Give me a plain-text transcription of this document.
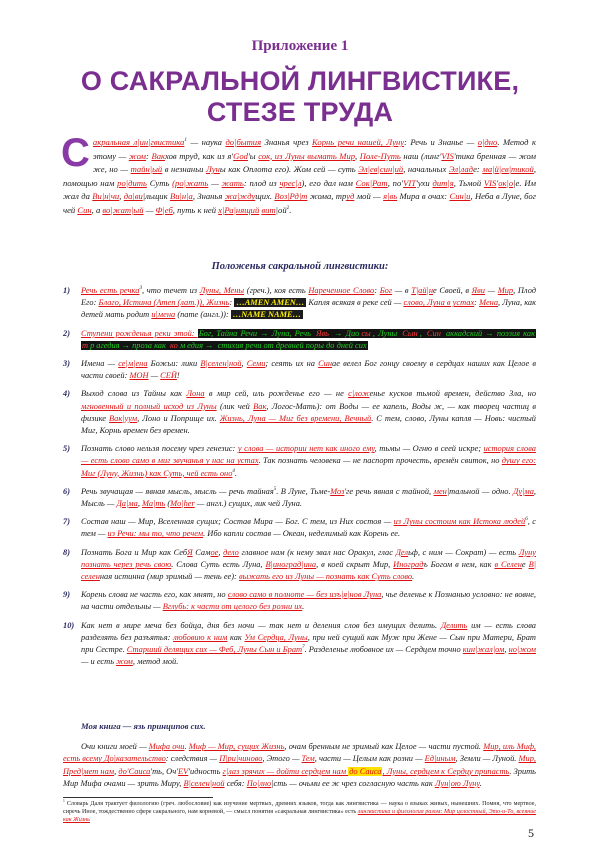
Приложение 1
О САКРАЛЬНОЙ ЛИНГВИСТИКЕ,
СТЕЗЕ ТРУДА
Сакральная л|ин|гвистика$^1$ — наука до|бытия Знанья чрез Корнь речи нашей, Луну: Речь и Знанье — о|дно. Метод к этому — жом: Вакхов труд, как из я'God'ы сок, из Луны вымать Мир, Поле-Путь наш (линг'VIS'тика бренная — жом же, но — тайн|ый в незнаньи Луны как Оплота его). Жом сей — суть Эл|ев|син|ий, начальных Эл|ладе: ма|й|ев|тикой, помощью нам ро|дить Суть (ро|жать — жать: плод из чрес|л), его дал нам Сок|Рат, по'VIT'ухи дит|я, Тьмой VIS'ок|о|е. Им жал да Ви|н|чи, да|ви|льщик Ви|н|а, Знанья жа|ждущих. Воз|Рд|т жома, труд мой — я|вь Мира в очах: Син|и, Неба в Луне, бог чей Син, а во|жат|ый — Ф|еб, путь к ней х|Ра|нящий $вит|ой^2$.
Положенья сакральной лингвистики:
1) Речь есть речка$^3$, что течет из Луны, Мены (греч.), коя есть Нареченное Слово: Бог — в Т|ай|не Своей, в Яви — Мир, Плод Его: Благо, Истина (Amen (лат.)), Жизнь: …AMEN AMEN… Капля всякая в реке сей — слово, Луна в устах: Мена, Луна, как детей мать родит и|мена (name (англ.)): …NAME NAME…
2) Ступени рожденья реки этой: Бог, Тайна Речи → Луна, Речь Явь → Дио сы , Луны Сын , Син аккадский → поэзия как т р агедия → проза как ко м едия → стихия речи от древней поры до дней сих
3) Имена — се|м|ена Божьи: лики В|селен|ной, Семи; сеять их на Синае велел Бог гонцу своему в сердцах наших как Целое в части своей: МОН — СЕЙ!
4) Выход слова из Тайны как Лона в мир сей, иль рожденье его — не с|ложенье кусков тьмой времен, действо Зла, но мгновенный и полный исход из Луны (лик чей Вак, Логос-Мать): от Воды — ее капель, Воды ж, — как творец частиц в физике Вак|уум, Лоно и Поприще их. Жизнь, Луна — Миг без времени, Вечный. С тем, слово, Луны капля — Новь: чистый Миг, Корнь времен без времен.
5) Познать слово нельзя посему чрез генезис: у слова — истории нет как иного ему, тьмы — Огню в сеей искре; история слова — есть слово само в миг звучанья у нас на устах. Так познать человека — не паспорт прочесть, времён свиток, но душу его: Миг (Луну, Жизнь) как Суть, чей есть оно$^4$.
6) Речь звучащая — явная мысль, мысль — речь тайная$^5$. В Луне, Тьме-Моз'ге речь явная с тайной, мен|тальной — одно. Ду|ма, Мысль — Да|ма, Ма|ть (Mo|her — англ.) сущих, лик чей Луна.
7) Состав наш — Мир, Вселенная сущих; Состав Мира — Бог. С тем, из Них состоя — из Луны состоим как Истока людей$^6$, с тем — из Речи: мы то, что речем. Ибо капли состав — Океан, неделимый как Корень ее.
8) Познать Бога и Мир как СебЯ Самое, дело главное нам (к нему звал нас Оракул, глас Дельф, с ним — Сократ) — есть Луну познать через речь свою. Слова Суть есть Луна, В|иноград|ина, в коей скрыт Мир, Иноградъ Богом в нем, как в Селене В|селенная истинна (мир зримый — тень ее): выжать его из Луны — познать как Суть слово.
9) Корень слова не часть его, как мнят, но слово само в полноте — без изъ|я|нов Луна, чье деленье к Познанью условно: не вовне, на части отдельны — Вглубь: к части от целого без розни их.
10) Как нет в мире меча без бойца, дня без ночи — так нет и деления слов без имущих делить. Делить им — есть слова разделять без разъятья: любовию к ним как Ум Сердца, Луны, при ней сущий как Муж при Жене — Сын при Матери, Брат при Сестре. Старший делящих сих — Феб, Луны Сын и Брат$^7$. Разделенье любовное их — Сердцем точно кин|жал|ом, но|жом — и есть жом, метод мой.
Моя книга — язь принципов сих.
Очи книги моей — Мифа очи. Миф — Мир, сущих Жизнь, очам бренным не зримый как Целое — части пустой. Мир, иль Миф, есть всему До|казательство: следствия — П|ри|чиново, Этого — Тем, части — Целым как розни — Ед|иным, Земли — Луной. Мир, Пред|мет нам, до'Саиса'ть, Оч'EV'идность г|лаз зрячих — дойти сердцем нам до Саиса, Луны, сердцем к Сердцу припасть. Зрить Мир Мифа очами — зрить Миру, В|селен|ной себя: По|лно|сть — очьми ее ж чрез согласную часть как Лун|ою Луну.
$^1$ Словарь Даля трактует филологию (греч. любословие) как изучение мертвых, древних языков, тогда как лингвистика — наука о языках живых, нынешних. Помня, что мертвое, сиречь Иное, тождественно сфере сакрального, нам корневой, — смысл понятия «сакральная лингвистика» есть лингвистика и филология разом: Мир целостный, Это-и-То, всеяние как Жизнь
5
